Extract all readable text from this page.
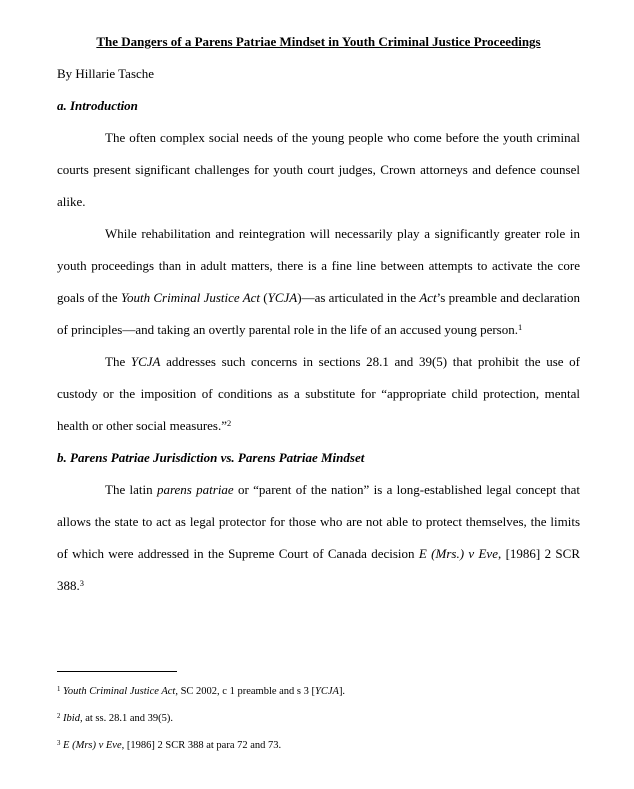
The Dangers of a Parens Patriae Mindset in Youth Criminal Justice Proceedings

By Hillarie Tasche

a. Introduction

The often complex social needs of the young people who come before the youth criminal courts present significant challenges for youth court judges, Crown attorneys and defence counsel alike.

While rehabilitation and reintegration will necessarily play a significantly greater role in youth proceedings than in adult matters, there is a fine line between attempts to activate the core goals of the Youth Criminal Justice Act (YCJA)—as articulated in the Act’s preamble and declaration of principles—and taking an overtly parental role in the life of an accused young person.$^1$

The YCJA addresses such concerns in sections 28.1 and 39(5) that prohibit the use of custody or the imposition of conditions as a substitute for “appropriate child protection, mental health or other social measures.”$^2$

b. Parens Patriae Jurisdiction vs. Parens Patriae Mindset

The latin parens patriae or “parent of the nation” is a long-established legal concept that allows the state to act as legal protector for those who are not able to protect themselves, the limits of which were addressed in the Supreme Court of Canada decision E (Mrs.) v Eve, [1986] 2 SCR 388.$^3$

$^1$ Youth Criminal Justice Act, SC 2002, c 1 preamble and s 3 [YCJA].

$^2$ Ibid, at ss. 28.1 and 39(5).

$^3$ E (Mrs) v Eve, [1986] 2 SCR 388 at para 72 and 73.
